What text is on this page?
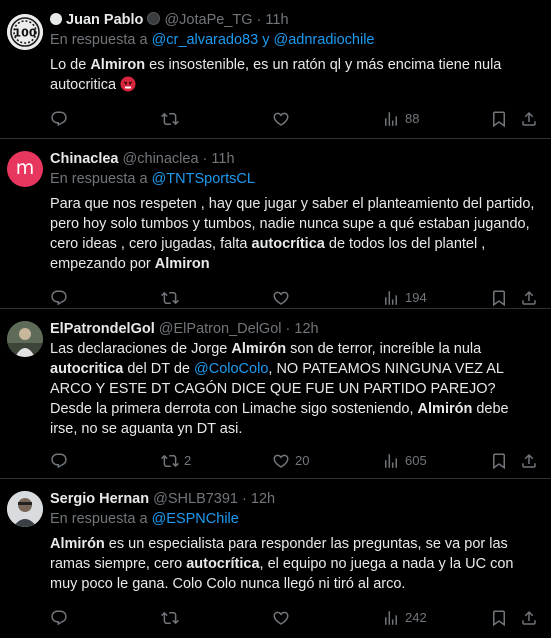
100
Juan Pablo @JotaPe_TG · 11h
En respuesta a @cr_alvarado83 y @adnradiochile
Lo de Almiron es insostenible, es un ratón ql y más encima tiene nula autocritica
88
m Chinaclea @chinaclea · 11h
En respuesta a @TNTSportsCL
Para que nos respeten , hay que jugar y saber el planteamiento del partido, pero hoy solo tumbos y tumbos, nadie nunca supe a qué estaban jugando, cero ideas , cero jugadas, falta autocrítica de todos los del plantel , empezando por Almiron
194
ElPatrondelGol @ElPatron_DelGol · 12h
Las declaraciones de Jorge Almirón son de terror, increíble la nula autocritica del DT de @ColoColo, NO PATEAMOS NINGUNA VEZ AL ARCO Y ESTE DT CAGÓN DICE QUE FUE UN PARTIDO PAREJO? Desde la primera derrota con Limache sigo sosteniendo, Almirón debe irse, no se aguanta yn DT asi.
2	20	605
Sergio Hernan @SHLB7391 · 12h
En respuesta a @ESPNChile
Almirón es un especialista para responder las preguntas, se va por las ramas siempre, cero autocrítica, el equipo no juega a nada y la UC con muy poco le gana. Colo Colo nunca llegó ni tiró al arco.
242
